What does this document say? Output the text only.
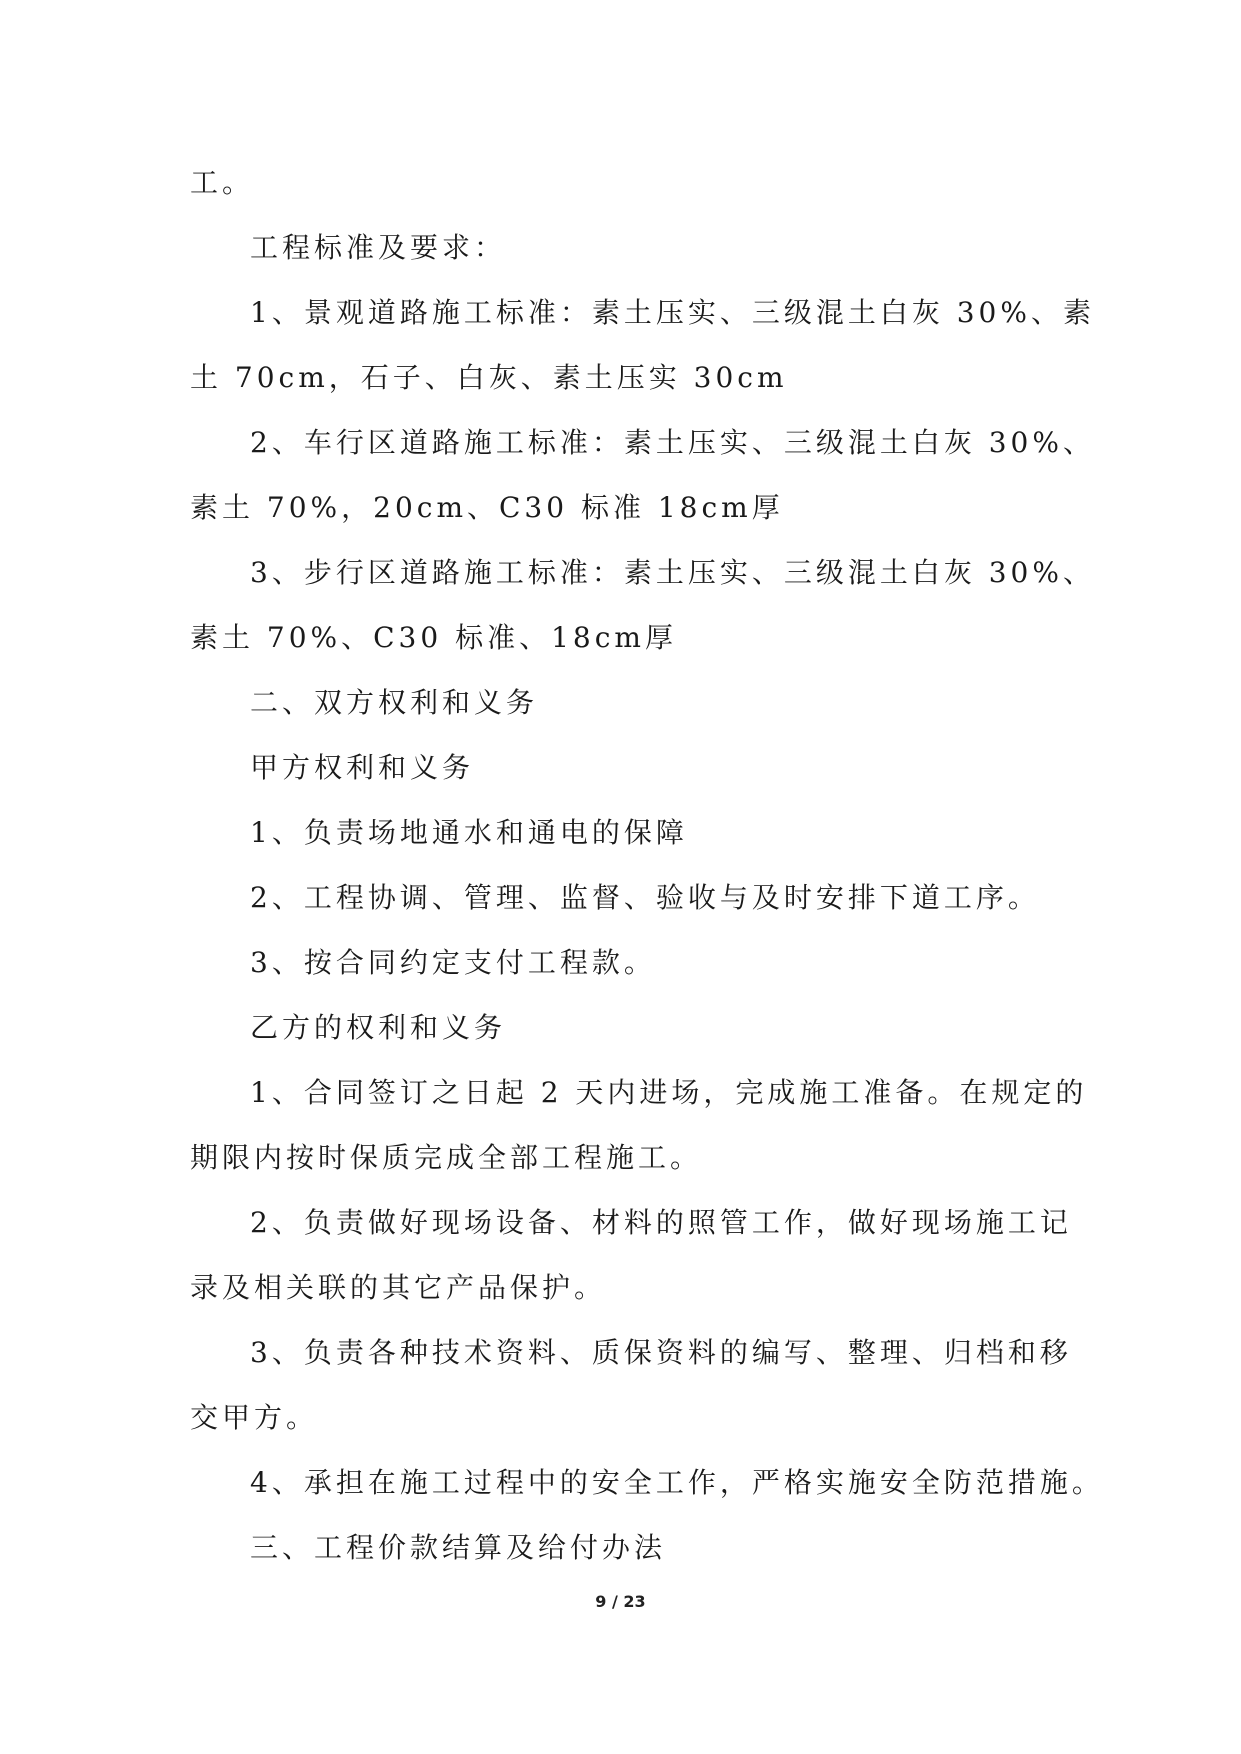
工。
工程标准及要求：
1、景观道路施工标准：素土压实、三级混土白灰 30%、素
土 70cm，石子、白灰、素土压实 30cm
2、车行区道路施工标准：素土压实、三级混土白灰 30%、
素土 70%，20cm、C30 标准 18cm厚
3、步行区道路施工标准：素土压实、三级混土白灰 30%、
素土 70%、C30 标准、18cm厚
二、双方权利和义务
甲方权利和义务
1、负责场地通水和通电的保障
2、工程协调、管理、监督、验收与及时安排下道工序。
3、按合同约定支付工程款。
乙方的权利和义务
1、合同签订之日起 2 天内进场，完成施工准备。在规定的
期限内按时保质完成全部工程施工。
2、负责做好现场设备、材料的照管工作，做好现场施工记
录及相关联的其它产品保护。
3、负责各种技术资料、质保资料的编写、整理、归档和移
交甲方。
4、承担在施工过程中的安全工作，严格实施安全防范措施。
三、工程价款结算及给付办法
9 / 23
